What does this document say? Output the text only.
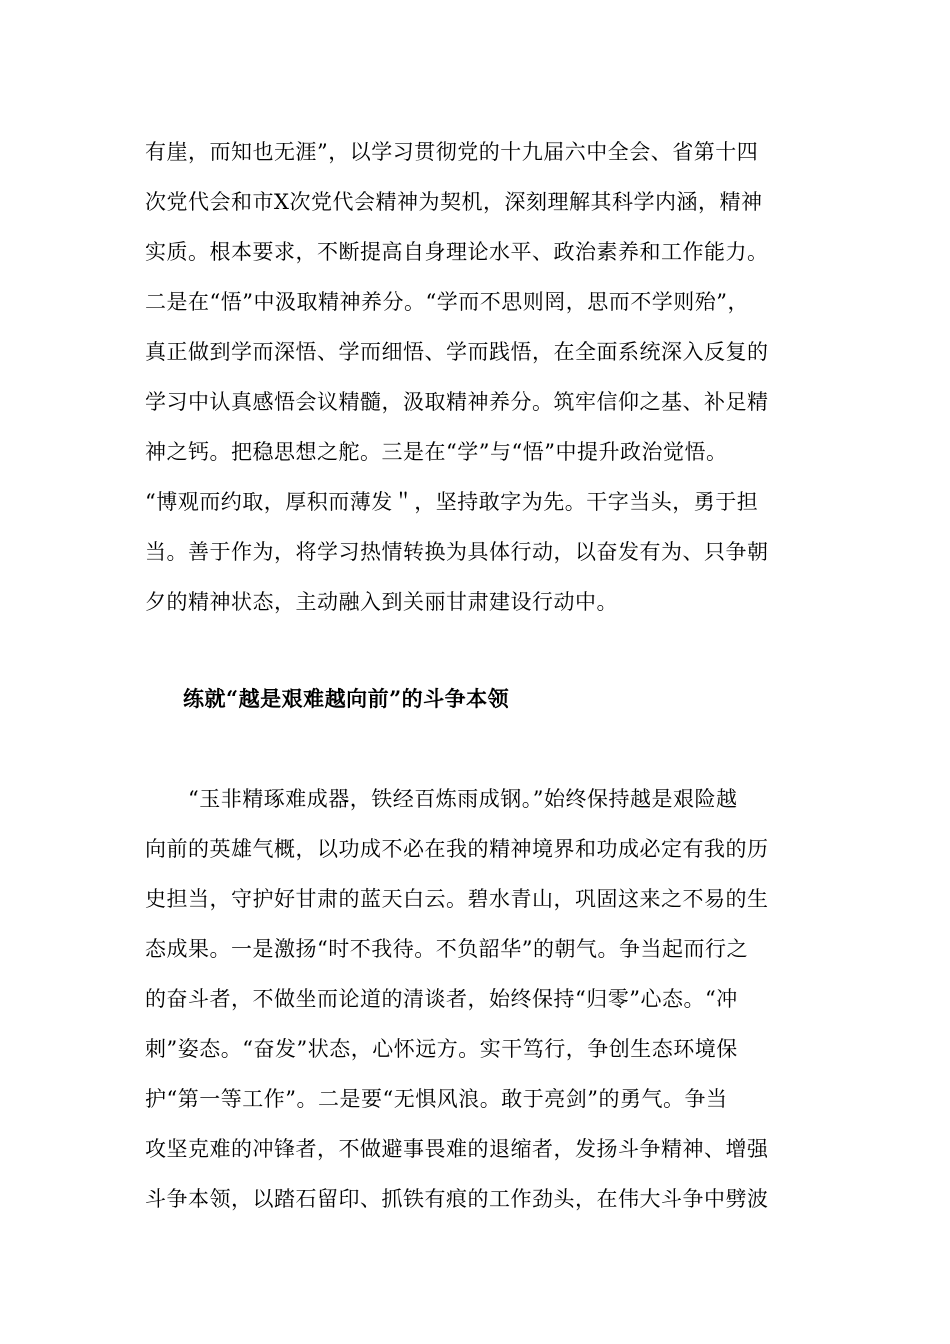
有崖，而知也无涯”，以学习贯彻党的十九届六中全会、省第十四
次党代会和市X次党代会精神为契机，深刻理解其科学内涵，精神
实质。根本要求，不断提高自身理论水平、政治素养和工作能力。
二是在“悟”中汲取精神养分。“学而不思则罔，思而不学则殆”，
真正做到学而深悟、学而细悟、学而践悟，在全面系统深入反复的
学习中认真感悟会议精髓，汲取精神养分。筑牢信仰之基、补足精
神之钙。把稳思想之舵。三是在“学”与“悟”中提升政治觉悟。
“博观而约取，厚积而薄发＂，坚持敢字为先。干字当头，勇于担
当。善于作为，将学习热情转换为具体行动，以奋发有为、只争朝
夕的精神状态，主动融入到关丽甘肃建设行动中。
练就“越是艰难越向前”的斗争本领
　　“玉非精琢难成器，铁经百炼雨成钢。”始终保持越是艰险越
向前的英雄气概，以功成不必在我的精神境界和功成必定有我的历
史担当，守护好甘肃的蓝天白云。碧水青山，巩固这来之不易的生
态成果。一是激扬“时不我待。不负韶华”的朝气。争当起而行之
的奋斗者，不做坐而论道的清谈者，始终保持“归零”心态。“冲
刺”姿态。“奋发”状态，心怀远方。实干笃行，争创生态环境保
护“第一等工作”。二是要“无惧风浪。敢于亮剑”的勇气。争当
攻坚克难的冲锋者，不做避事畏难的退缩者，发扬斗争精神、增强
斗争本领，以踏石留印、抓铁有痕的工作劲头，在伟大斗争中劈波
